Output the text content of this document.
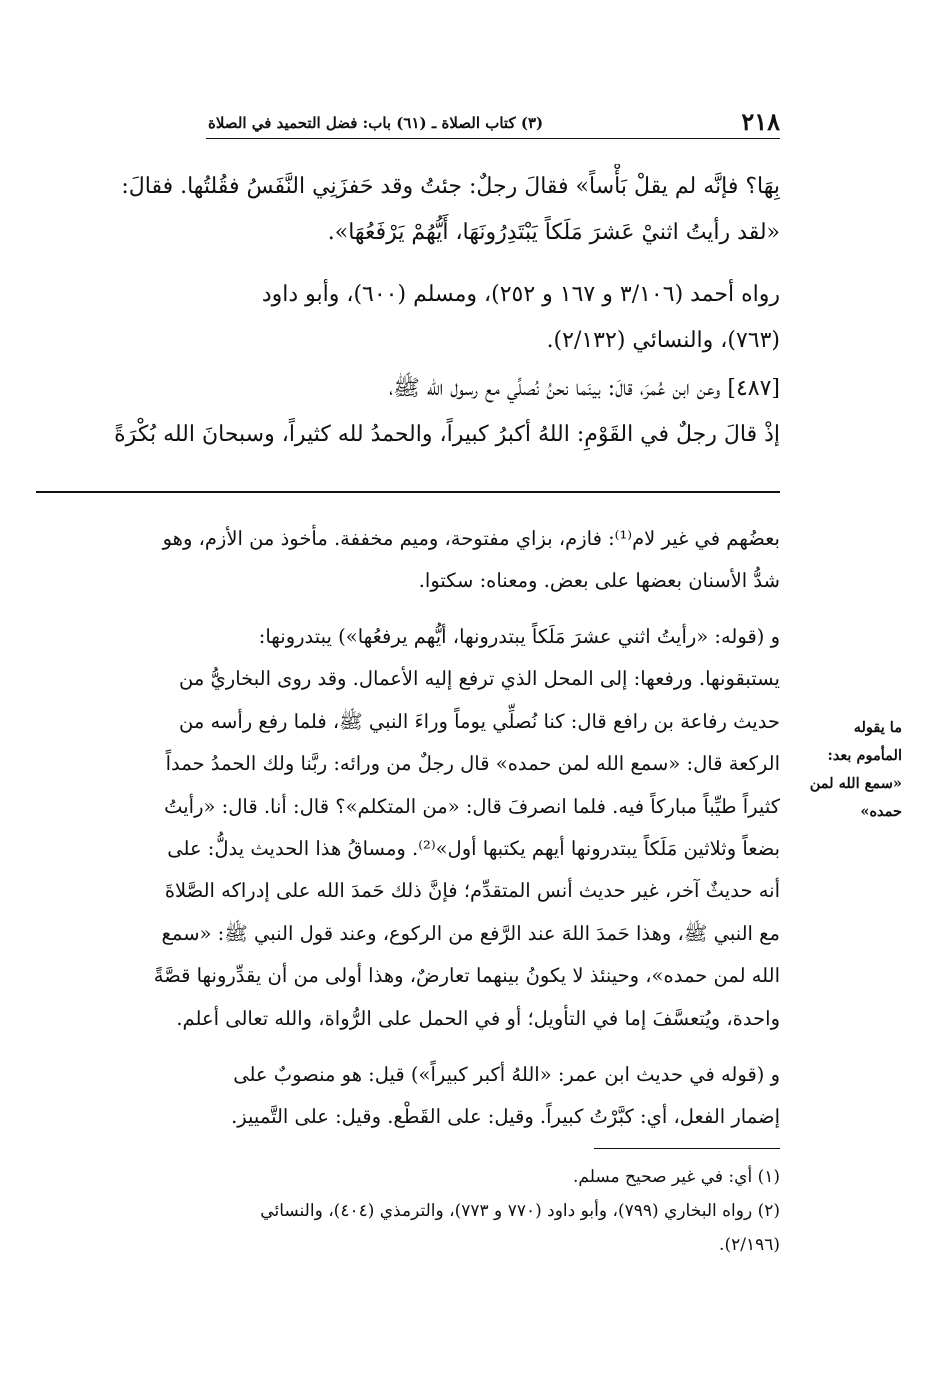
٢١٨
(٣) كتاب الصلاة ـ (٦١) باب: فضل التحميد في الصلاة
بِهَا؟ فإنَّه لم يقلْ بَأْساً» فقالَ رجلٌ: جئتُ وقد حَفزَنِي النَّفَسُ فقُلتُها. فقالَ:
«لقد رأيتُ اثنيْ عَشرَ مَلَكاً يَبْتَدِرُونَهَا، أَيُّهُمْ يَرْفَعُهَا».
رواه أحمد (٣/١٠٦ و ١٦٧ و ٢٥٢)، ومسلم (٦٠٠)، وأبو داود
(٧٦٣)، والنسائي (٢/١٣٢).
[٤٨٧] وعن ابن عُمرَ، قالَ: بينَما نحنُ نُصلِّي مع رسول الله ﷺ،
إذْ قالَ رجلٌ في القَوْمِ: اللهُ أكبرُ كبيراً، والحمدُ لله كثيراً، وسبحانَ الله بُكْرَةً
بعضُهم في غير لام⁽¹⁾: فازم، بزاي مفتوحة، وميم مخففة. مأخوذ من الأزم، وهو
شدُّ الأسنان بعضها على بعض. ومعناه: سكتوا.
و (قوله: «رأيتُ اثني عشرَ مَلَكاً يبتدرونها، أيُّهم يرفعُها») يبتدرونها:
يستبقونها. ورفعها: إلى المحل الذي ترفع إليه الأعمال. وقد روى البخاريُّ من
حديث رفاعة بن رافع قال: كنا نُصلِّي يوماً وراءَ النبي ﷺ، فلما رفع رأسه من
الركعة قال: «سمع الله لمن حمده» قال رجلٌ من ورائه: ربَّنا ولك الحمدُ حمداً
كثيراً طيِّباً مباركاً فيه. فلما انصرفَ قال: «من المتكلم»؟ قال: أنا. قال: «رأيتُ
بضعاً وثلاثين مَلَكاً يبتدرونها أيهم يكتبها أول»⁽²⁾. ومساقُ هذا الحديث يدلُّ: على
أنه حديثٌ آخر، غير حديث أنس المتقدِّم؛ فإنَّ ذلك حَمدَ الله على إدراكه الصَّلاةَ
مع النبي ﷺ، وهذا حَمدَ اللهَ عند الرَّفع من الركوع، وعند قول النبي ﷺ: «سمع
الله لمن حمده»، وحينئذ لا يكونُ بينهما تعارضٌ، وهذا أولى من أن يقدِّرونها قصَّةً
واحدة، ويُتعسَّفَ إما في التأويل؛ أو في الحمل على الرُّواة، والله تعالى أعلم.
ما يقوله
المأموم بعد:
«سمع الله لمن
حمده»
و (قوله في حديث ابن عمر: «اللهُ أكبر كبيراً») قيل: هو منصوبٌ على
إضمار الفعل، أي: كبَّرْتُ كبيراً. وقيل: على القَطْع. وقيل: على التَّمييز.
(١) أي: في غير صحيح مسلم.
(٢) رواه البخاري (٧٩٩)، وأبو داود (٧٧٠ و ٧٧٣)، والترمذي (٤٠٤)، والنسائي
(٢/١٩٦).
